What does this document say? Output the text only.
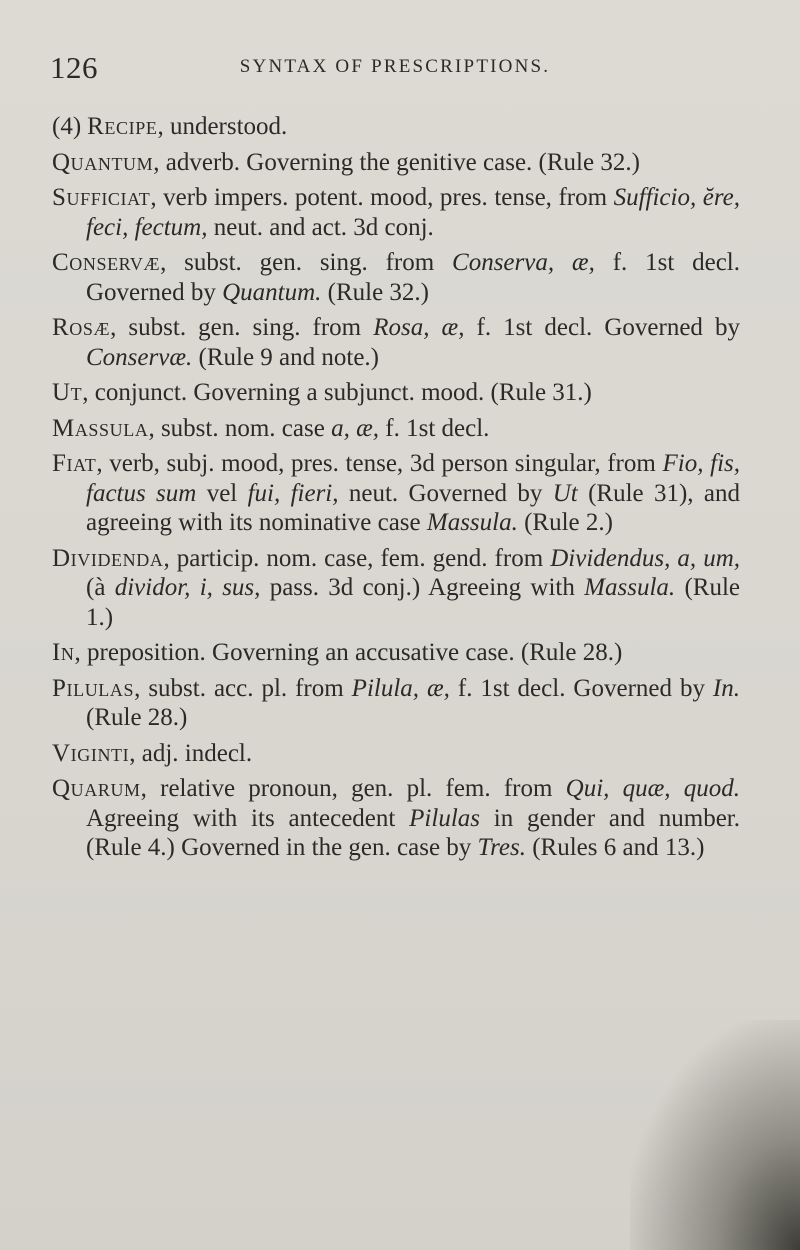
126	SYNTAX OF PRESCRIPTIONS.

(4) Recipe, understood.

Quantum, adverb. Governing the genitive case. (Rule 32.)

Sufficiat, verb impers. potent. mood, pres. tense, from Sufficio, ĕre, feci, fectum, neut. and act. 3d conj.

Conservæ, subst. gen. sing. from Conserva, æ, f. 1st decl. Governed by Quantum. (Rule 32.)

Rosæ, subst. gen. sing. from Rosa, æ, f. 1st decl. Governed by Conservæ. (Rule 9 and note.)

Ut, conjunct. Governing a subjunct. mood. (Rule 31.)

Massula, subst. nom. case a, æ, f. 1st decl.

Fiat, verb, subj. mood, pres. tense, 3d person singular, from Fio, fis, factus sum vel fui, fieri, neut. Governed by Ut (Rule 31), and agreeing with its nominative case Massula. (Rule 2.)

Dividenda, particip. nom. case, fem. gend. from Dividendus, a, um, (à dividor, i, sus, pass. 3d conj.) Agreeing with Massula. (Rule 1.)

In, preposition. Governing an accusative case. (Rule 28.)

Pilulas, subst. acc. pl. from Pilula, æ, f. 1st decl. Governed by In. (Rule 28.)

Viginti, adj. indecl.

Quarum, relative pronoun, gen. pl. fem. from Qui, quæ, quod. Agreeing with its antecedent Pilulas in gender and number. (Rule 4.) Governed in the gen. case by Tres. (Rules 6 and 13.)
